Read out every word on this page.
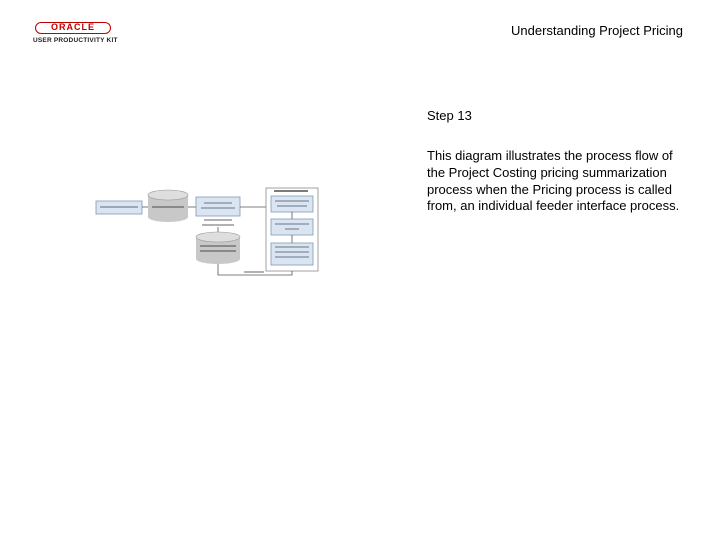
ORACLE
USER PRODUCTIVITY KIT
Understanding Project Pricing
Step 13
This diagram illustrates the process flow of the Project Costing pricing summarization process when the Pricing process is called from, an individual feeder interface process.
